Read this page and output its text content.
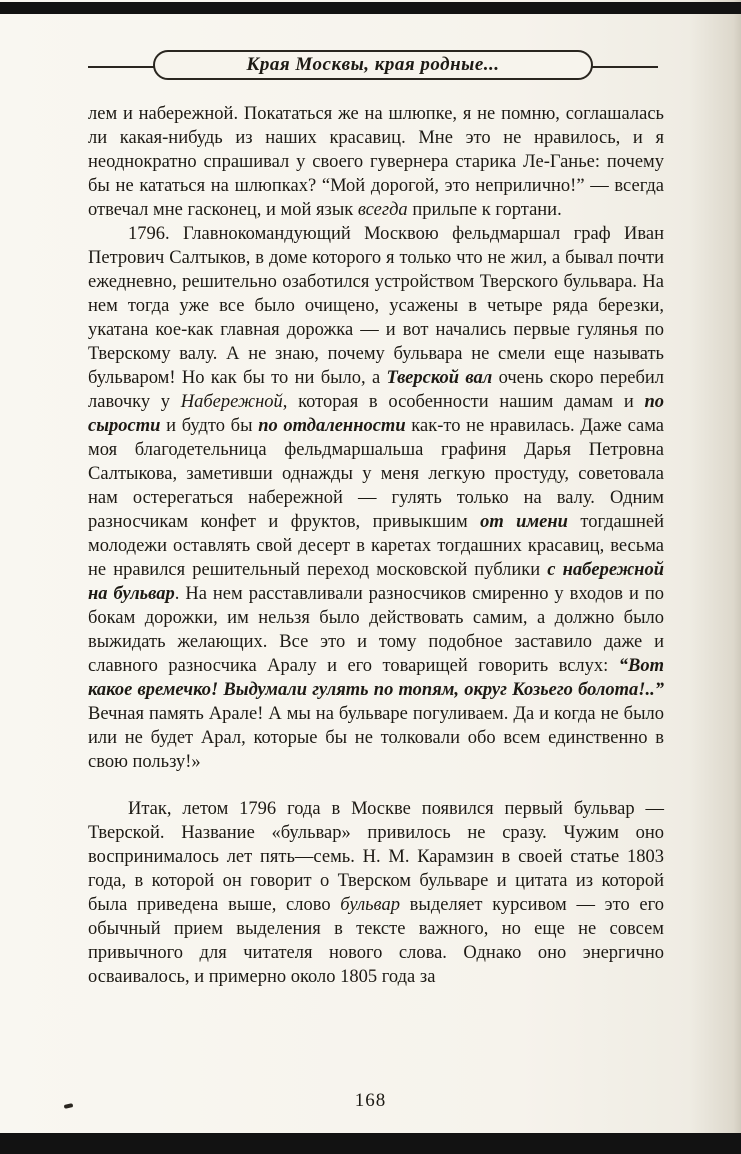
Края Москвы, края родные...

лем и набережной. Покататься же на шлюпке, я не помню, соглашалась ли какая-нибудь из наших красавиц. Мне это не нравилось, и я неоднократно спрашивал у своего гувернера старика Ле-Ганье: почему бы не кататься на шлюпках? “Мой дорогой, это неприлично!” — всегда отвечал мне гасконец, и мой язык всегда прильпе к гортани.

1796. Главнокомандующий Москвою фельдмаршал граф Иван Петрович Салтыков, в доме которого я только что не жил, а бывал почти ежедневно, решительно озаботился устройством Тверского бульвара. На нем тогда уже все было очищено, усажены в четыре ряда березки, укатана кое-как главная дорожка — и вот начались первые гулянья по Тверскому валу. А не знаю, почему бульвара не смели еще называть бульваром! Но как бы то ни было, а Тверской вал очень скоро перебил лавочку у Набережной, которая в особенности нашим дамам и по сырости и будто бы по отдаленности как-то не нравилась. Даже сама моя благодетельница фельдмаршальша графиня Дарья Петровна Салтыкова, заметивши однажды у меня легкую простуду, советовала нам остерегаться набережной — гулять только на валу. Одним разносчикам конфет и фруктов, привыкшим от имени тогдашней молодежи оставлять свой десерт в каретах тогдашних красавиц, весьма не нравился решительный переход московской публики с набережной на бульвар. На нем расставливали разносчиков смиренно у входов и по бокам дорожки, им нельзя было действовать самим, а должно было выжидать желающих. Все это и тому подобное заставило даже и славного разносчика Аралу и его товарищей говорить вслух: “Вот какое времечко! Выдумали гулять по топям, округ Козьего болота!..” Вечная память Арале! А мы на бульваре погуливаем. Да и когда не было или не будет Арал, которые бы не толковали обо всем единственно в свою пользу!»

Итак, летом 1796 года в Москве появился первый бульвар — Тверской. Название «бульвар» привилось не сразу. Чужим оно воспринималось лет пять—семь. Н. М. Карамзин в своей статье 1803 года, в которой он говорит о Тверском бульваре и цитата из которой была приведена выше, слово бульвар выделяет курсивом — это его обычный прием выделения в тексте важного, но еще не совсем привычного для читателя нового слова. Однако оно энергично осваивалось, и примерно около 1805 года за

168
